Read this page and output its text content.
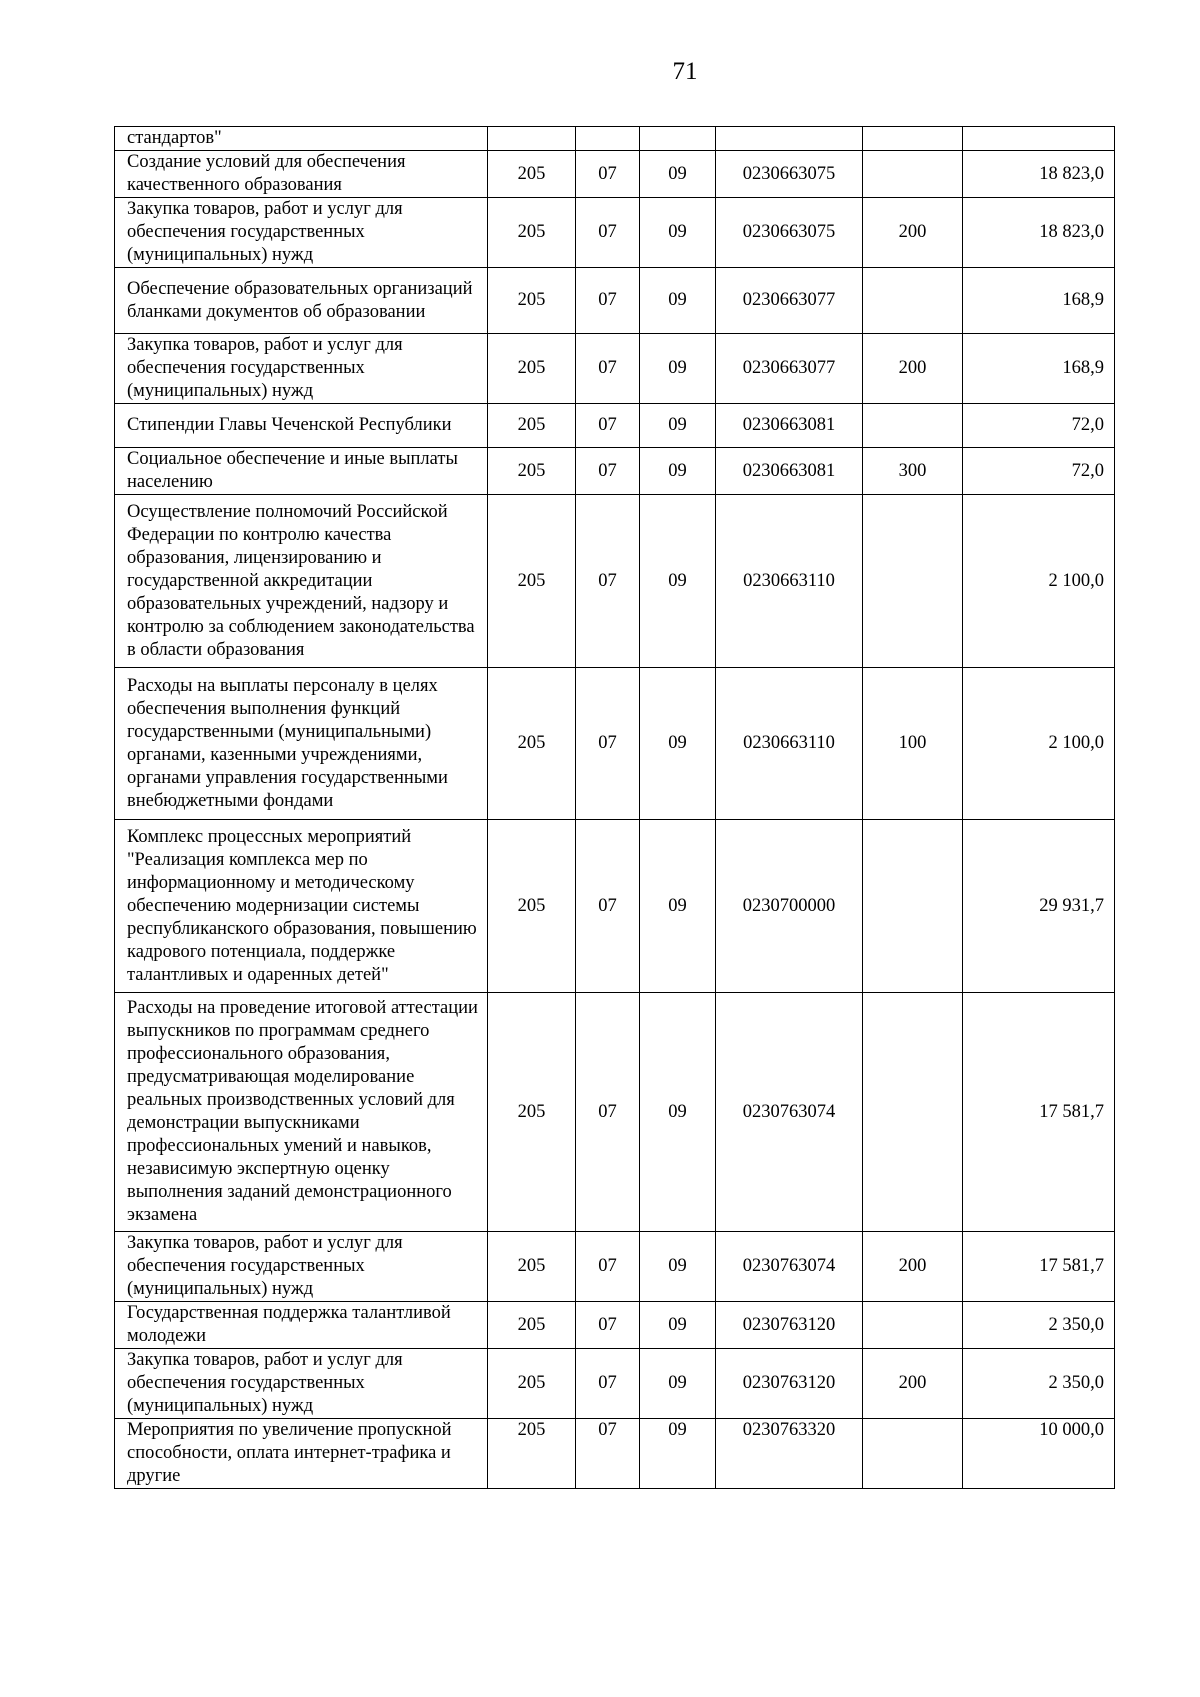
71
стандартов"						
Создание условий для обеспечения качественного образования	205	07	09	0230663075		18 823,0
Закупка товаров, работ и услуг для обеспечения государственных (муниципальных) нужд	205	07	09	0230663075	200	18 823,0
Обеспечение образовательных организаций бланками документов об образовании	205	07	09	0230663077		168,9
Закупка товаров, работ и услуг для обеспечения государственных (муниципальных) нужд	205	07	09	0230663077	200	168,9
Стипендии Главы Чеченской Республики	205	07	09	0230663081		72,0
Социальное обеспечение и иные выплаты населению	205	07	09	0230663081	300	72,0
Осуществление полномочий Российской Федерации по контролю качества образования, лицензированию и государственной аккредитации образовательных учреждений, надзору и контролю за соблюдением законодательства в области образования	205	07	09	0230663110		2 100,0
Расходы на выплаты персоналу в целях обеспечения выполнения функций государственными (муниципальными) органами, казенными учреждениями, органами управления государственными внебюджетными фондами	205	07	09	0230663110	100	2 100,0
Комплекс процессных мероприятий "Реализация комплекса мер по информационному и методическому обеспечению модернизации системы республиканского образования, повышению кадрового потенциала, поддержке талантливых и одаренных детей"	205	07	09	0230700000		29 931,7
Расходы на проведение итоговой аттестации выпускников по программам среднего профессионального образования, предусматривающая моделирование реальных производственных условий для демонстрации выпускниками профессиональных умений и навыков, независимую экспертную оценку выполнения заданий демонстрационного экзамена	205	07	09	0230763074		17 581,7
Закупка товаров, работ и услуг для обеспечения государственных (муниципальных) нужд	205	07	09	0230763074	200	17 581,7
Государственная поддержка талантливой молодежи	205	07	09	0230763120		2 350,0
Закупка товаров, работ и услуг для обеспечения государственных (муниципальных) нужд	205	07	09	0230763120	200	2 350,0
Мероприятия по увеличение пропускной способности, оплата интернет-трафика и другие	205	07	09	0230763320		10 000,0
